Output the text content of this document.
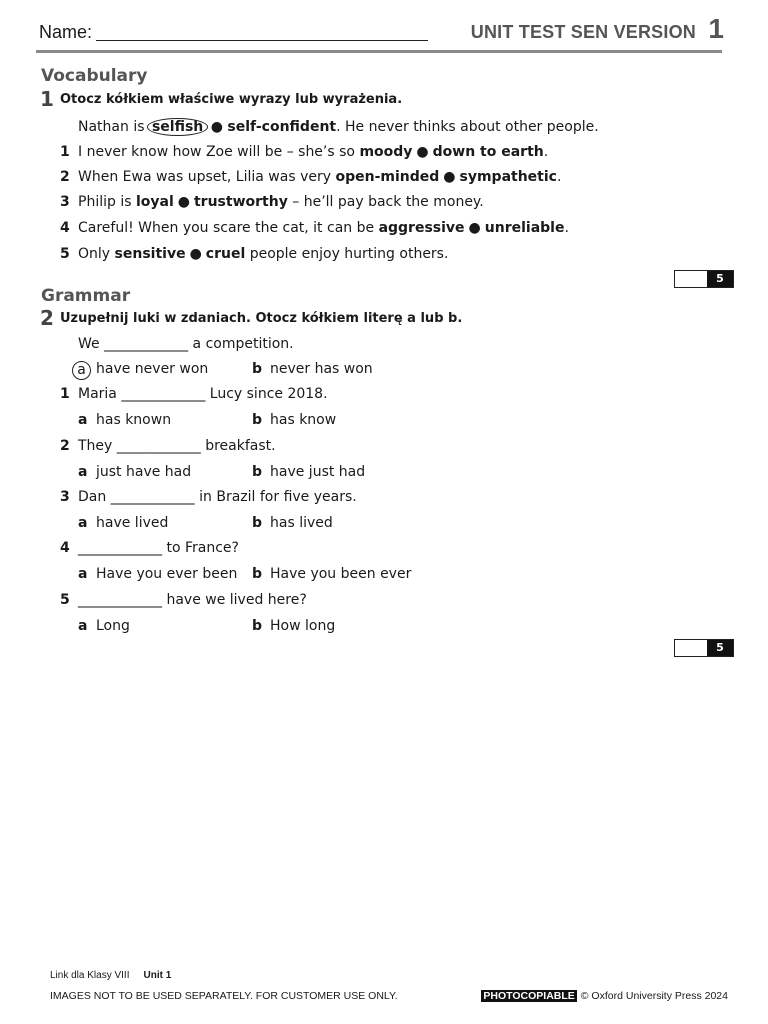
Name:	UNIT TEST SEN VERSION 1
Vocabulary
1 Otocz kółkiem właściwe wyrazy lub wyrażenia.
Nathan is selfish ● self-confident. He never thinks about other people.
1 I never know how Zoe will be – she’s so moody ● down to earth.
2 When Ewa was upset, Lilia was very open-minded ● sympathetic.
3 Philip is loyal ● trustworthy – he’ll pay back the money.
4 Careful! When you scare the cat, it can be aggressive ● unreliable.
5 Only sensitive ● cruel people enjoy hurting others.
5
Grammar
2 Uzupełnij luki w zdaniach. Otocz kółkiem literę a lub b.
We ____________ a competition.
a have never won	b never has won
1 Maria ____________ Lucy since 2018.
a has known	b has know
2 They ____________ breakfast.
a just have had	b have just had
3 Dan ____________ in Brazil for five years.
a have lived	b has lived
4 ____________ to France?
a Have you ever been b Have you been ever
5 ____________ have we lived here?
a Long	b How long
5
Link dla Klasy VIII Unit 1
IMAGES NOT TO BE USED SEPARATELY. FOR CUSTOMER USE ONLY.	PHOTOCOPIABLE © Oxford University Press 2024
